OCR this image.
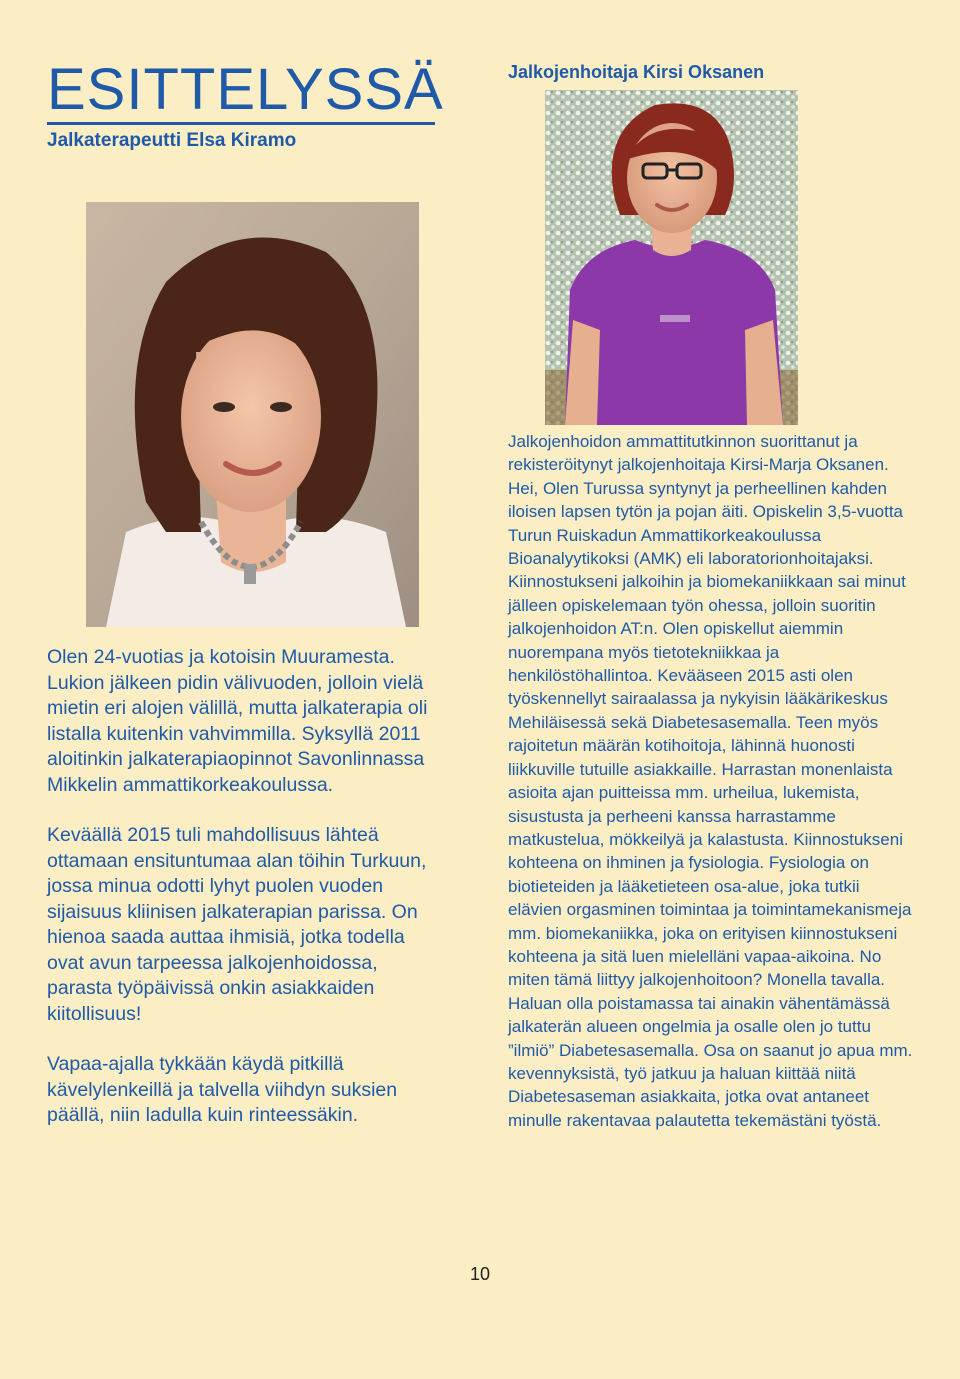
ESITTELYSSÄ
Jalkaterapeutti Elsa Kiramo
Jalkojenhoitaja Kirsi Oksanen

Olen 24-vuotias ja kotoisin Muuramesta. Lukion jälkeen pidin välivuoden, jolloin vielä mietin eri alojen välillä, mutta jalkaterapia oli listalla kuitenkin vahvimmilla. Syksyllä 2011 aloitinkin jalkaterapiaopinnot Savonlinnassa Mikkelin ammattikorkeakoulussa.

Keväällä 2015 tuli mahdollisuus lähteä ottamaan ensituntumaa alan töihin Turkuun, jossa minua odotti lyhyt puolen vuoden sijaisuus kliinisen jalkaterapian parissa. On hienoa saada auttaa ihmisiä, jotka todella ovat avun tarpeessa jalkojenhoidossa, parasta työpäivissä onkin asiakkaiden kiitollisuus!

Vapaa-ajalla tykkään käydä pitkillä kävelylenkeillä ja talvella viihdyn suksien päällä, niin ladulla kuin rinteessäkin.

Jalkojenhoidon ammattitutkinnon suorittanut ja rekisteröitynyt jalkojenhoitaja Kirsi-Marja Oksanen. Hei, Olen Turussa syntynyt ja perheellinen kahden iloisen lapsen tytön ja pojan äiti. Opiskelin 3,5-vuotta Turun Ruiskadun Ammattikorkeakoulussa Bioanalyytikoksi (AMK) eli laboratorionhoitajaksi. Kiinnostukseni jalkoihin ja biomekaniikkaan sai minut jälleen opiskelemaan työn ohessa, jolloin suoritin jalkojenhoidon AT:n. Olen opiskellut aiemmin nuorempana myös tietotekniikkaa ja henkilöstöhallintoa. Kevääseen 2015 asti olen työskennellyt sairaalassa ja nykyisin lääkärikeskus Mehiläisessä sekä Diabetesasemalla. Teen myös rajoitetun määrän kotihoitoja, lähinnä huonosti liikkuville tutuille asiakkaille. Harrastan monenlaista asioita ajan puitteissa mm. urheilua, lukemista, sisustusta ja perheeni kanssa harrastamme matkustelua, mökkeilyä ja kalastusta. Kiinnostukseni kohteena on ihminen ja fysiologia. Fysiologia on biotieteiden ja lääketieteen osa-alue, joka tutkii elävien orgasminen toimintaa ja toimintamekanismeja mm. biomekaniikka, joka on erityisen kiinnostukseni kohteena ja sitä luen mielelläni vapaa-aikoina. No miten tämä liittyy jalkojenhoitoon? Monella tavalla. Haluan olla poistamassa tai ainakin vähentämässä jalkaterän alueen ongelmia ja osalle olen jo tuttu ”ilmiö” Diabetesasemalla. Osa on saanut jo apua mm. kevennyksistä, työ jatkuu ja haluan kiittää niitä Diabetesaseman asiakkaita, jotka ovat antaneet minulle rakentavaa palautetta tekemästäni työstä.

10
